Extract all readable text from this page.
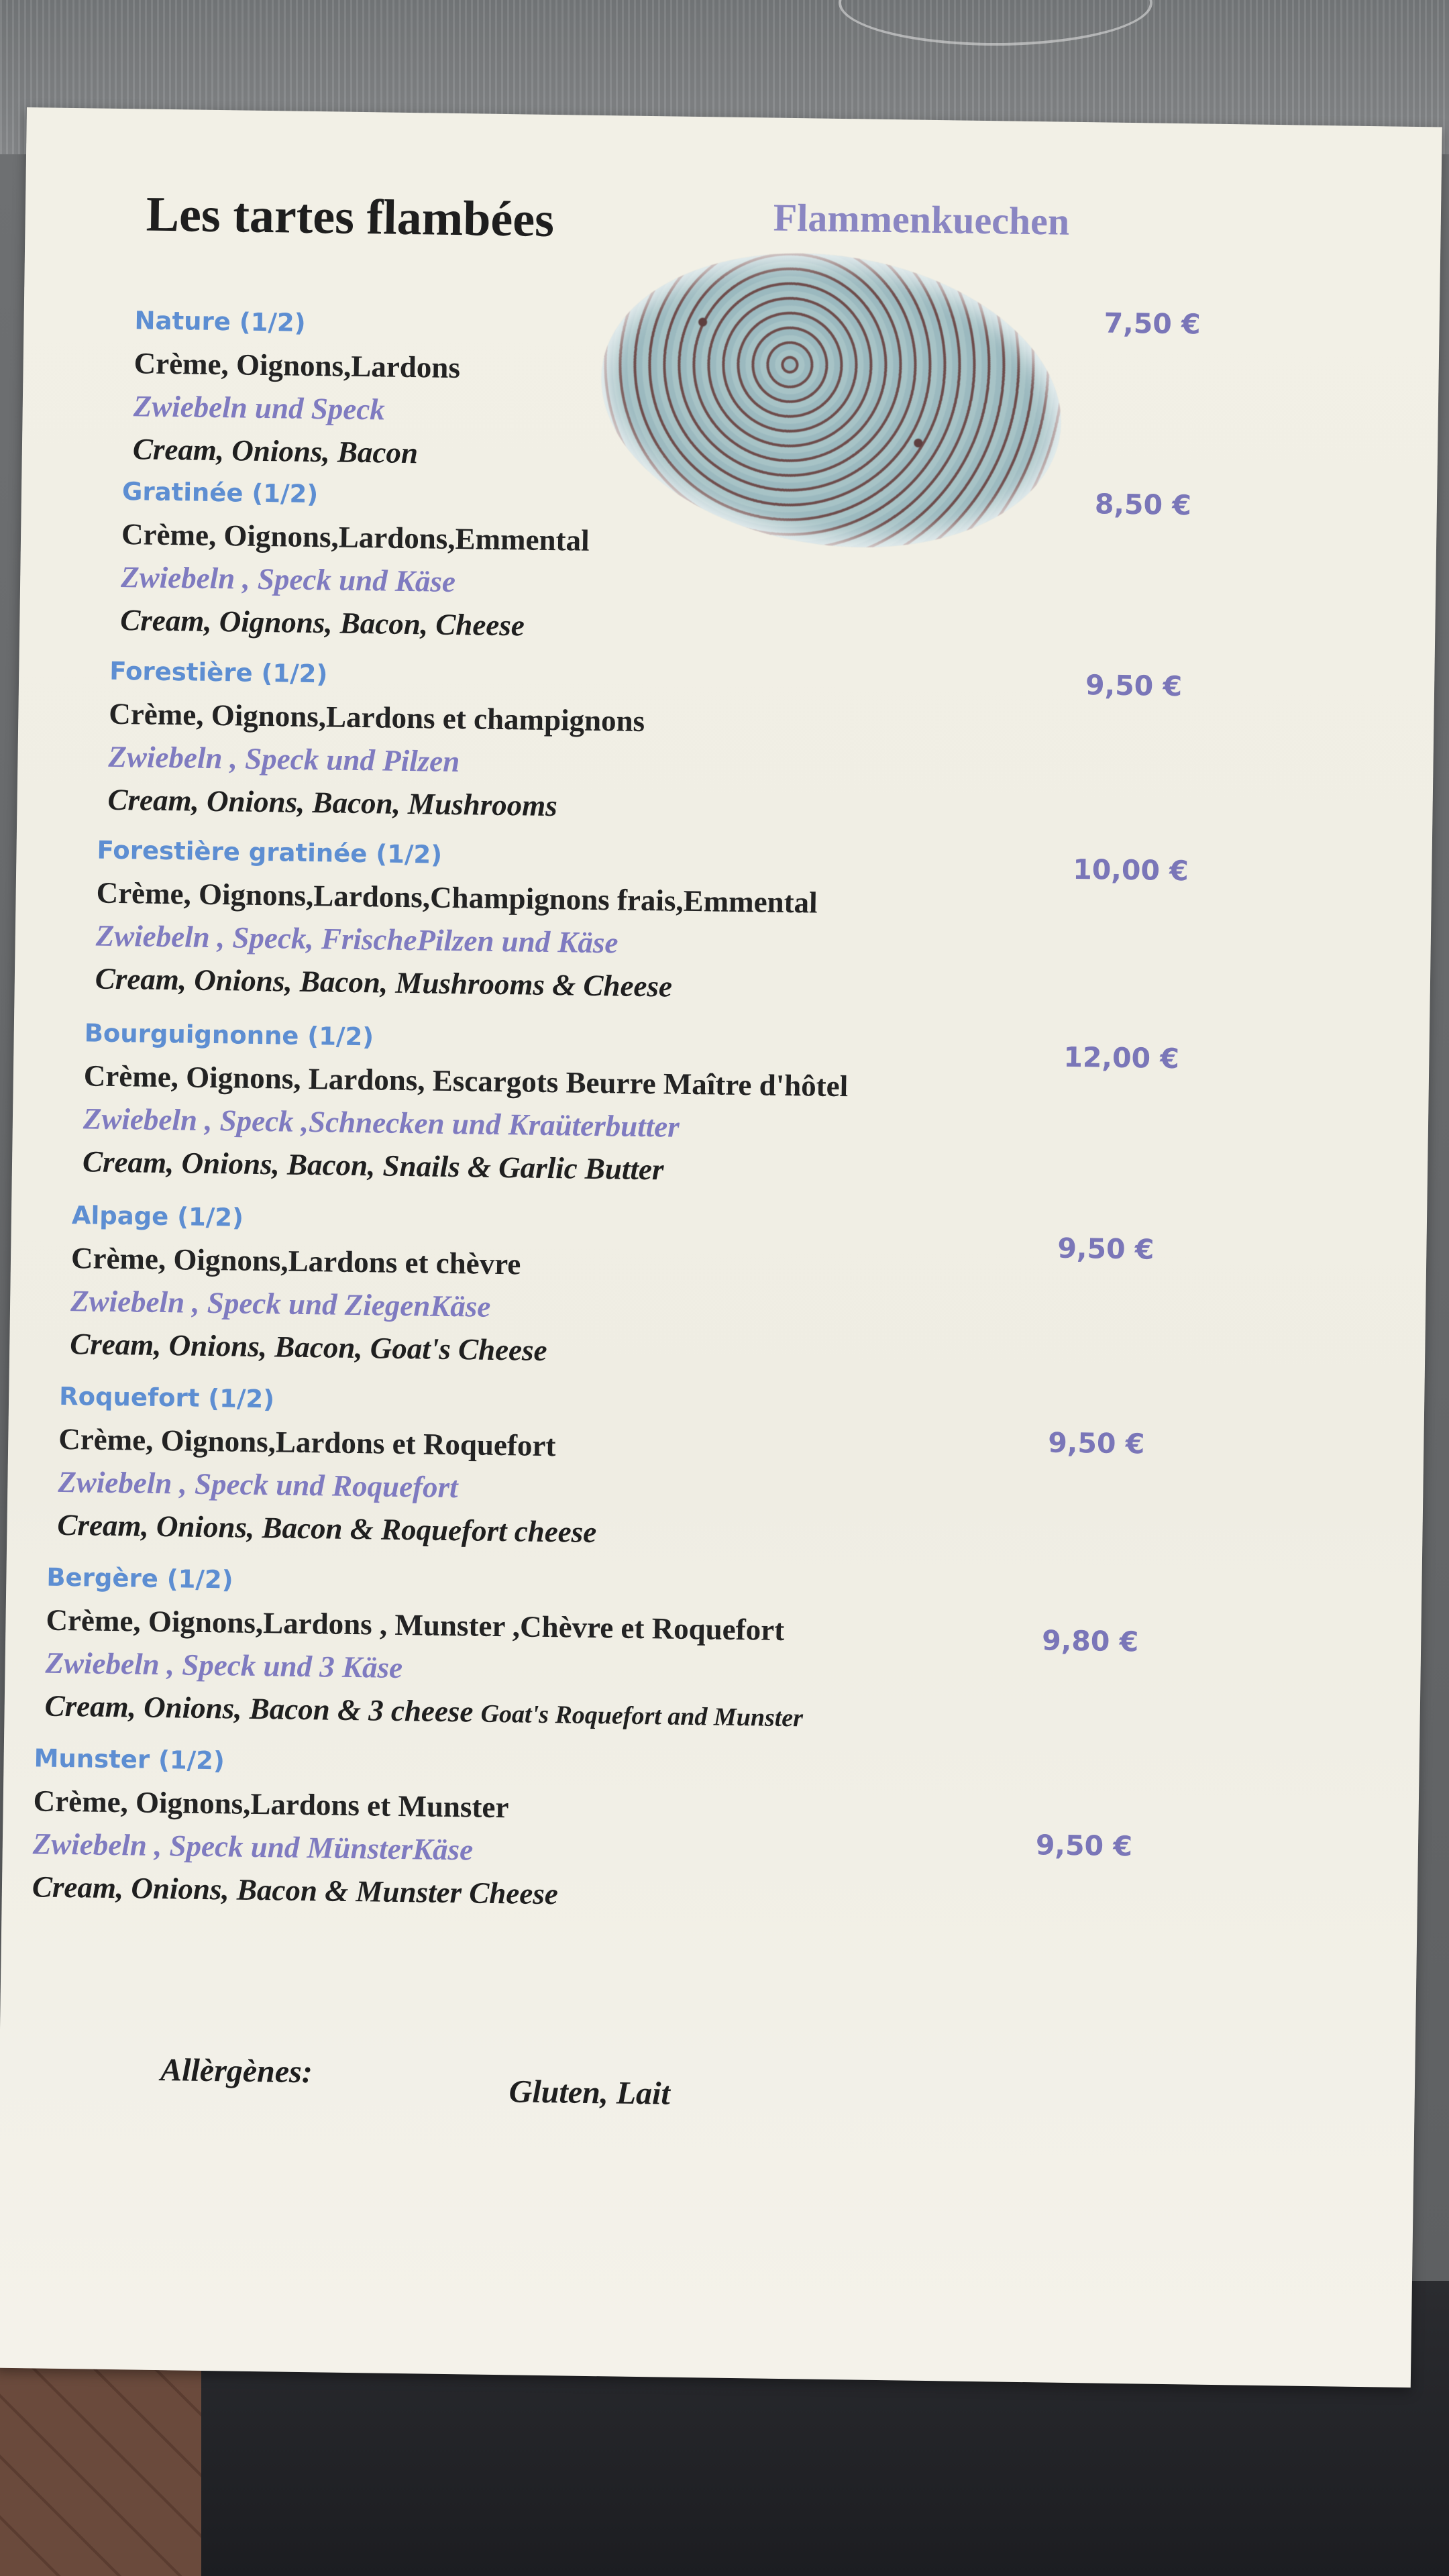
Les tartes flambées	Flammenkuechen
Nature (1/2)
Crème, Oignons,Lardons
Zwiebeln und Speck
Cream, Onions, Bacon
7,50 €
Gratinée (1/2)
Crème, Oignons,Lardons,Emmental
Zwiebeln , Speck und Käse
Cream, Oignons, Bacon, Cheese
8,50 €
Forestière (1/2)
Crème, Oignons,Lardons et champignons
Zwiebeln , Speck und Pilzen
Cream, Onions, Bacon, Mushrooms
9,50 €
Forestière gratinée (1/2)
Crème, Oignons,Lardons,Champignons frais,Emmental
Zwiebeln , Speck, FrischePilzen und Käse
Cream, Onions, Bacon, Mushrooms & Cheese
10,00 €
Bourguignonne (1/2)
Crème, Oignons, Lardons, Escargots Beurre Maître d'hôtel
Zwiebeln , Speck ,Schnecken und Kraüterbutter
Cream, Onions, Bacon, Snails & Garlic Butter
12,00 €
Alpage (1/2)
Crème, Oignons,Lardons et chèvre
Zwiebeln , Speck und ZiegenKäse
Cream, Onions, Bacon, Goat's Cheese
9,50 €
Roquefort (1/2)
Crème, Oignons,Lardons et Roquefort
Zwiebeln , Speck und Roquefort
Cream, Onions, Bacon & Roquefort cheese
9,50 €
Bergère (1/2)
Crème, Oignons,Lardons , Munster ,Chèvre et Roquefort
Zwiebeln , Speck und 3 Käse
Cream, Onions, Bacon & 3 cheese Goat's Roquefort and Munster
9,80 €
Munster (1/2)
Crème, Oignons,Lardons et Munster
Zwiebeln , Speck und MünsterKäse
Cream, Onions, Bacon & Munster Cheese
9,50 €
Allèrgènes:
Gluten, Lait
